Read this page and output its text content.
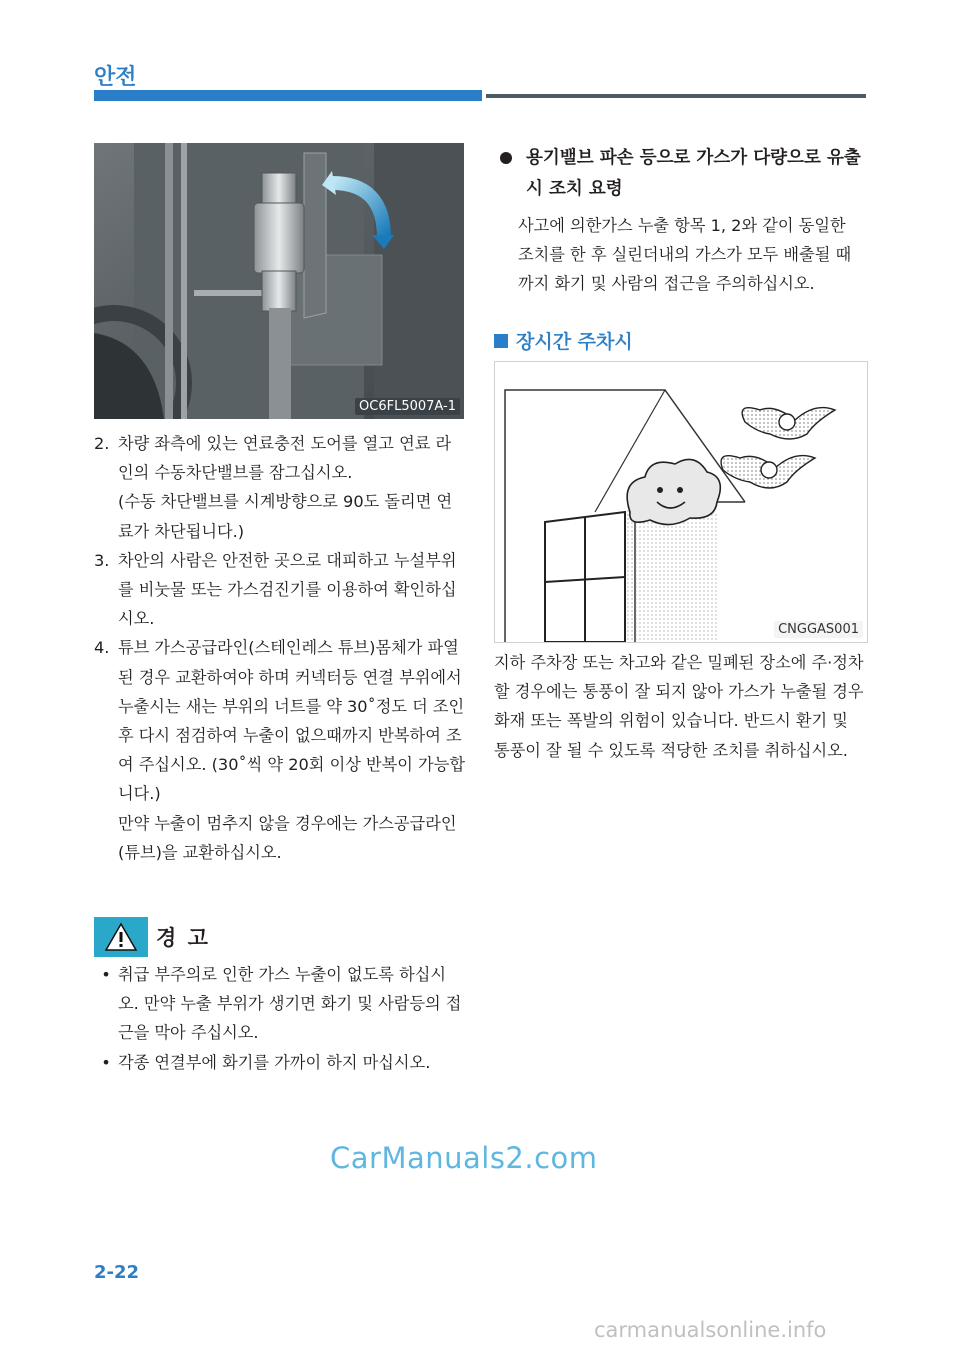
안전
OC6FL5007A-1
2. 차량 좌측에 있는 연료충전 도어를 열고 연료 라인의 수동차단밸브를 잠그십시오.
(수동 차단밸브를 시계방향으로 90도 돌리면 연료가 차단됩니다.)
3. 차안의 사람은 안전한 곳으로 대피하고 누설부위를 비눗물 또는 가스검진기를 이용하여 확인하십시오.
4. 튜브 가스공급라인(스테인레스 튜브)몸체가 파열된 경우 교환하여야 하며 커넥터등 연결 부위에서 누출시는 새는 부위의 너트를 약 30˚정도 더 조인 후 다시 점검하여 누출이 없으때까지 반복하여 조여 주십시오. (30˚씩 약 20회 이상 반복이 가능합니다.)
만약 누출이 멈추지 않을 경우에는 가스공급라인(튜브)을 교환하십시오.
경 고
• 취급 부주의로 인한 가스 누출이 없도록 하십시오. 만약 누출 부위가 생기면 화기 및 사람등의 접근을 막아 주십시오.
• 각종 연결부에 화기를 가까이 하지 마십시오.
용기밸브 파손 등으로 가스가 다량으로 유출시 조치 요령
사고에 의한가스 누출 항목 1, 2와 같이 동일한 조치를 한 후 실린더내의 가스가 모두 배출될 때 까지 화기 및 사람의 접근을 주의하십시오.
장시간 주차시
CNGGAS001
지하 주차장 또는 차고와 같은 밀폐된 장소에 주·정차할 경우에는 통풍이 잘 되지 않아 가스가 누출될 경우 화재 또는 폭발의 위험이 있습니다. 반드시 환기 및 통풍이 잘 될 수 있도록 적당한 조치를 취하십시오.
CarManuals2.com
2-22
carmanualsonline.info
